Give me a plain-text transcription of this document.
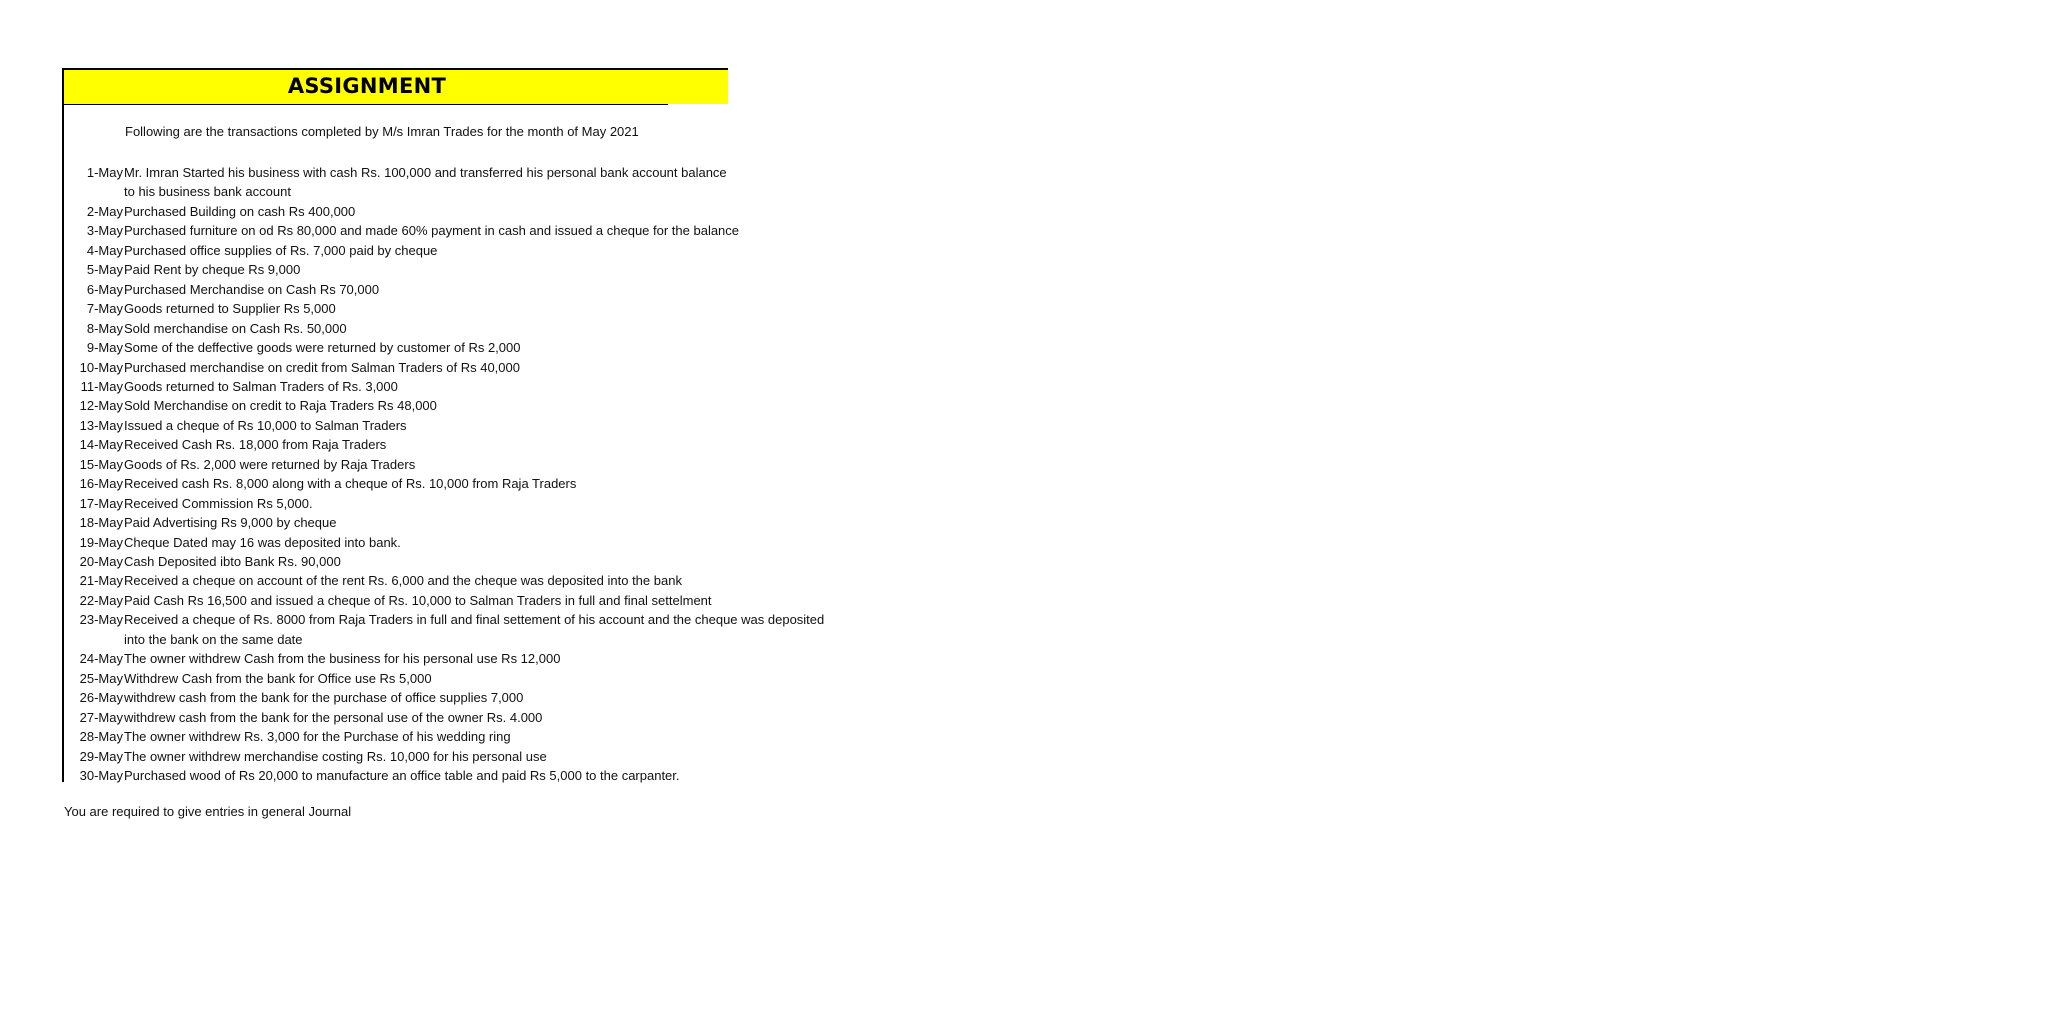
ASSIGNMENT
Following are the transactions completed by M/s Imran Trades for the month of May 2021
1-May Mr. Imran Started his business with cash Rs. 100,000 and transferred his personal bank account balance
to his business bank account
2-May Purchased Building on cash Rs 400,000
3-May Purchased furniture on od Rs 80,000 and made 60% payment in cash and issued a cheque for the balance
4-May Purchased office supplies of Rs. 7,000 paid by cheque
5-May Paid Rent by cheque Rs 9,000
6-May Purchased Merchandise on Cash Rs 70,000
7-May Goods returned to Supplier Rs 5,000
8-May Sold merchandise on Cash Rs. 50,000
9-May Some of the deffective goods were returned by customer of Rs 2,000
10-May Purchased merchandise on credit from Salman Traders of Rs 40,000
11-May Goods returned to Salman Traders of Rs. 3,000
12-May Sold Merchandise on credit to Raja Traders Rs 48,000
13-May Issued a cheque of Rs 10,000 to Salman Traders
14-May Received Cash Rs. 18,000 from Raja Traders
15-May Goods of Rs. 2,000 were returned by Raja Traders
16-May Received cash Rs. 8,000 along with a cheque of Rs. 10,000 from Raja Traders
17-May Received Commission Rs 5,000.
18-May Paid Advertising Rs 9,000 by cheque
19-May Cheque Dated may 16 was deposited into bank.
20-May Cash Deposited ibto Bank Rs. 90,000
21-May Received a cheque on account of the rent Rs. 6,000 and the cheque was deposited into the bank
22-May Paid Cash Rs 16,500 and issued a cheque of Rs. 10,000 to Salman Traders in full and final settelment
23-May Received a cheque of Rs. 8000 from Raja Traders in full and final settement of his account and the cheque was deposited
into the bank on the same date
24-May The owner withdrew Cash from the business for his personal use Rs 12,000
25-May Withdrew Cash from the bank for Office use Rs 5,000
26-May withdrew cash from the bank for the purchase of office supplies 7,000
27-May withdrew cash from the bank for the personal use of the owner Rs. 4.000
28-May The owner withdrew Rs. 3,000 for the Purchase of his wedding ring
29-May The owner withdrew merchandise costing Rs. 10,000 for his personal use
30-May Purchased wood of Rs 20,000 to manufacture an office table and paid Rs 5,000 to the carpanter.
You are required to give entries in general Journal
